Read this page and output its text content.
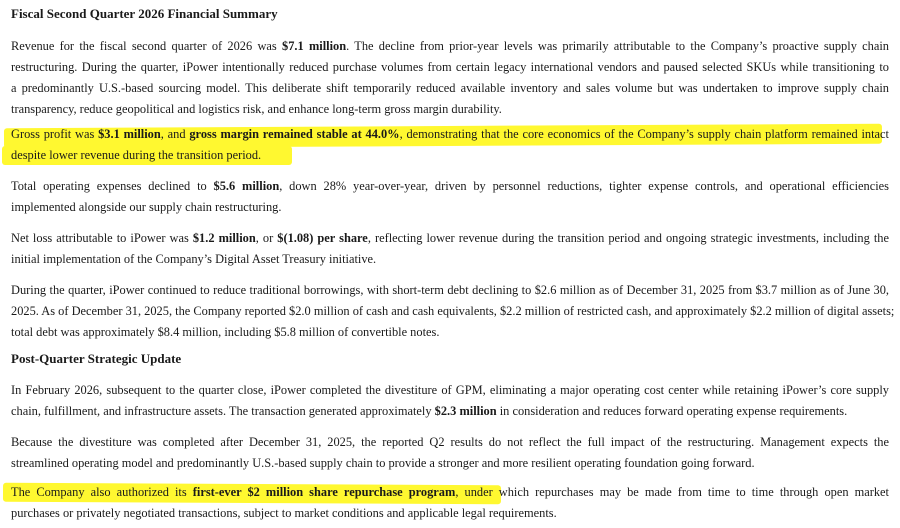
Fiscal Second Quarter 2026 Financial Summary
Revenue for the fiscal second quarter of 2026 was $7.1 million. The decline from prior-year levels was primarily attributable to the Company’s proactive supply chain
restructuring. During the quarter, iPower intentionally reduced purchase volumes from certain legacy international vendors and paused selected SKUs while transitioning to
a predominantly U.S.-based sourcing model. This deliberate shift temporarily reduced available inventory and sales volume but was undertaken to improve supply chain
transparency, reduce geopolitical and logistics risk, and enhance long-term gross margin durability.
Gross profit was $3.1 million, and gross margin remained stable at 44.0%, demonstrating that the core economics of the Company’s supply chain platform remained intact
despite lower revenue during the transition period.
Total operating expenses declined to $5.6 million, down 28% year-over-year, driven by personnel reductions, tighter expense controls, and operational efficiencies
implemented alongside our supply chain restructuring.
Net loss attributable to iPower was $1.2 million, or $(1.08) per share, reflecting lower revenue during the transition period and ongoing strategic investments, including the
initial implementation of the Company’s Digital Asset Treasury initiative.
During the quarter, iPower continued to reduce traditional borrowings, with short-term debt declining to $2.6 million as of December 31, 2025 from $3.7 million as of June 30,
2025. As of December 31, 2025, the Company reported $2.0 million of cash and cash equivalents, $2.2 million of restricted cash, and approximately $2.2 million of digital assets;
total debt was approximately $8.4 million, including $5.8 million of convertible notes.
Post-Quarter Strategic Update
In February 2026, subsequent to the quarter close, iPower completed the divestiture of GPM, eliminating a major operating cost center while retaining iPower’s core supply
chain, fulfillment, and infrastructure assets. The transaction generated approximately $2.3 million in consideration and reduces forward operating expense requirements.
Because the divestiture was completed after December 31, 2025, the reported Q2 results do not reflect the full impact of the restructuring. Management expects the
streamlined operating model and predominantly U.S.-based supply chain to provide a stronger and more resilient operating foundation going forward.
The Company also authorized its first-ever $2 million share repurchase program, under which repurchases may be made from time to time through open market
purchases or privately negotiated transactions, subject to market conditions and applicable legal requirements.
